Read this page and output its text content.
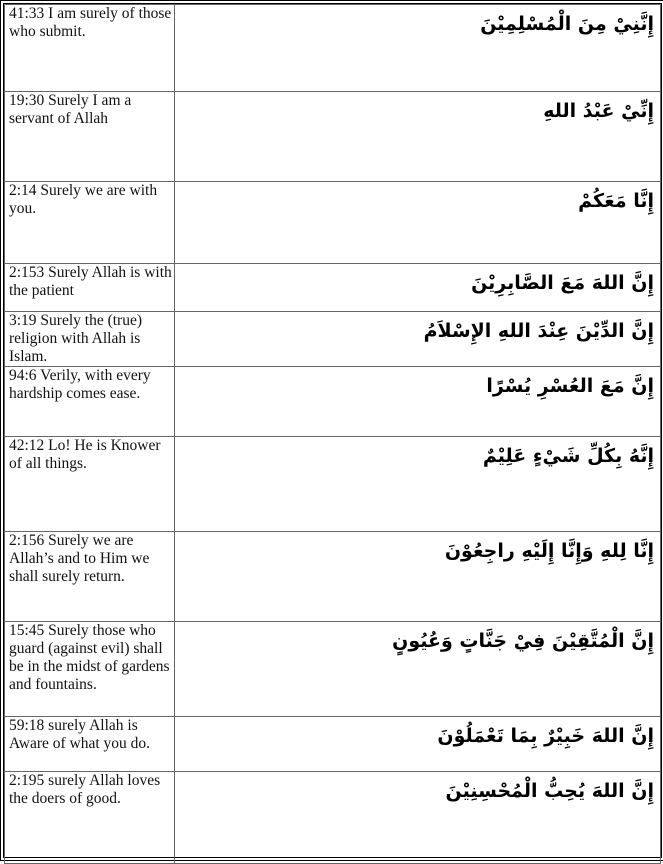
41:33 I am surely of those who submit.	إِنَّنِيْ مِنَ الْمُسْلِمِيْنَ
19:30 Surely I am a servant of Allah	إِنِّيْ عَبْدُ اللهِ
2:14 Surely we are with you.	إِنَّا مَعَكُمْ
2:153 Surely Allah is with the patient	إِنَّ اللهَ مَعَ الصَّابِرِيْنَ
3:19 Surely the (true) religion with Allah is Islam.	إِنَّ الدِّيْنَ عِنْدَ اللهِ الإِسْلاَمُ
94:6 Verily, with every hardship comes ease.	إِنَّ مَعَ العُسْرِ يُسْرًا
42:12 Lo! He is Knower of all things.	إِنَّهُ بِكُلِّ شَيْءٍ عَلِيْمٌ
2:156 Surely we are Allah’s and to Him we shall surely return.	إِنَّا لِلهِ وَإِنَّا إِلَيْهِ راجِعُوْنَ
15:45 Surely those who guard (against evil) shall be in the midst of gardens and fountains.	إِنَّ الْمُتَّقِيْنَ فِيْ جَنَّاتٍ وَعُيُونٍ
59:18 surely Allah is Aware of what you do.	إِنَّ اللهَ خَبِيْرٌ بِمَا تَعْمَلُوْنَ
2:195 surely Allah loves the doers of good.	إِنَّ اللهَ يُحِبُّ الْمُحْسِنِيْنَ
